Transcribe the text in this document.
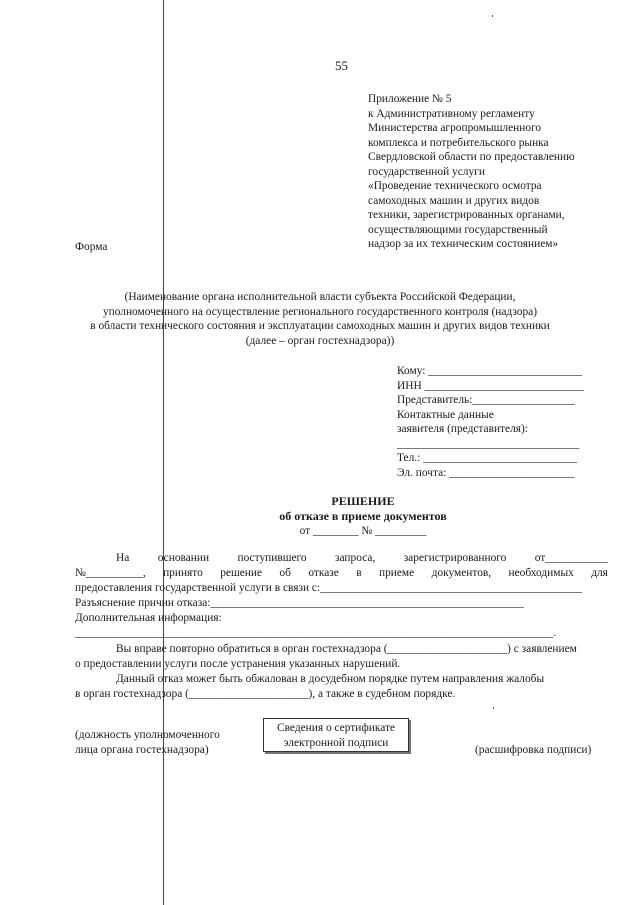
55
Приложение № 5
к Административному регламенту
Министерства агропромышленного
комплекса и потребительского рынка
Свердловской области по предоставлению
государственной услуги
«Проведение технического осмотра
самоходных машин и других видов
техники, зарегистрированных органами,
осуществляющими государственный
надзор за их техническим состоянием»
Форма
(Наименование органа исполнительной власти субъекта Российской Федерации,
уполномоченного на осуществление регионального государственного контроля (надзора)
в области технического состояния и эксплуатации самоходных машин и других видов техники
(далее – орган гостехнадзора))
Кому: ___________________________
ИНН ____________________________
Представитель:__________________
Контактные данные
заявителя (представителя):
________________________________
Тел.: ___________________________
Эл. почта: ______________________
РЕШЕНИЕ
об отказе в приеме документов
от ________ № _________
На основании поступившего запроса, зарегистрированного от___________
№__________, принято решение об отказе в приеме документов, необходимых для
предоставления государственной услуги в связи с:______________________________________________
Разъяснение причин отказа:_______________________________________________________
Дополнительная информация:
____________________________________________________________________________________.
Вы вправе повторно обратиться в орган гостехнадзора (_____________________) с заявлением
о предоставлении услуги после устранения указанных нарушений.
Данный отказ может быть обжалован в досудебном порядке путем направления жалобы
в орган гостехнадзора (_____________________), а также в судебном порядке.
(должность уполномоченного
лица органа гостехнадзора)
Сведения о сертификате
электронной подписи
(расшифровка подписи)
